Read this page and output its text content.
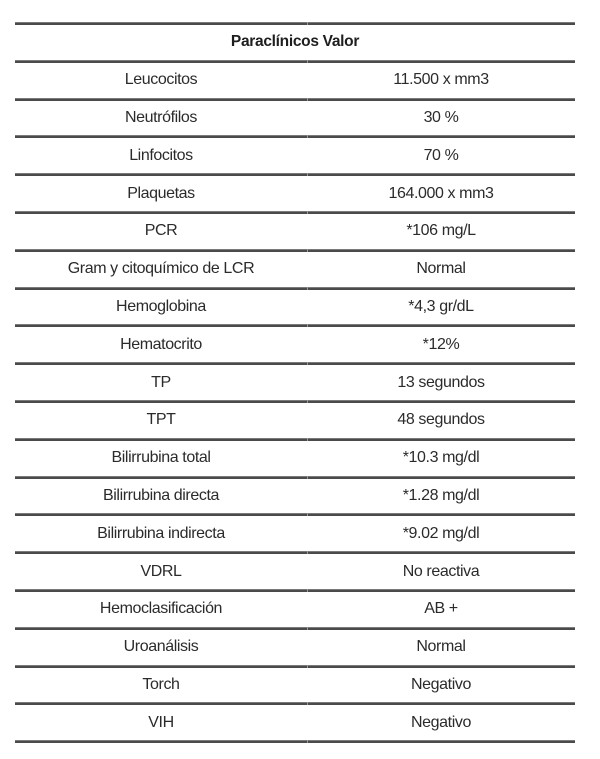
Paraclínicos Valor
Leucocitos	11.500 x mm3
Neutrófilos	30 %
Linfocitos	70 %
Plaquetas	164.000 x mm3
PCR	*106 mg/L
Gram y citoquímico de LCR	Normal
Hemoglobina	*4,3 gr/dL
Hematocrito	*12%
TP	13 segundos
TPT	48 segundos
Bilirrubina total	*10.3 mg/dl
Bilirrubina directa	*1.28 mg/dl
Bilirrubina indirecta	*9.02 mg/dl
VDRL	No reactiva
Hemoclasificación	AB +
Uroanálisis	Normal
Torch	Negativo
VIH	Negativo
